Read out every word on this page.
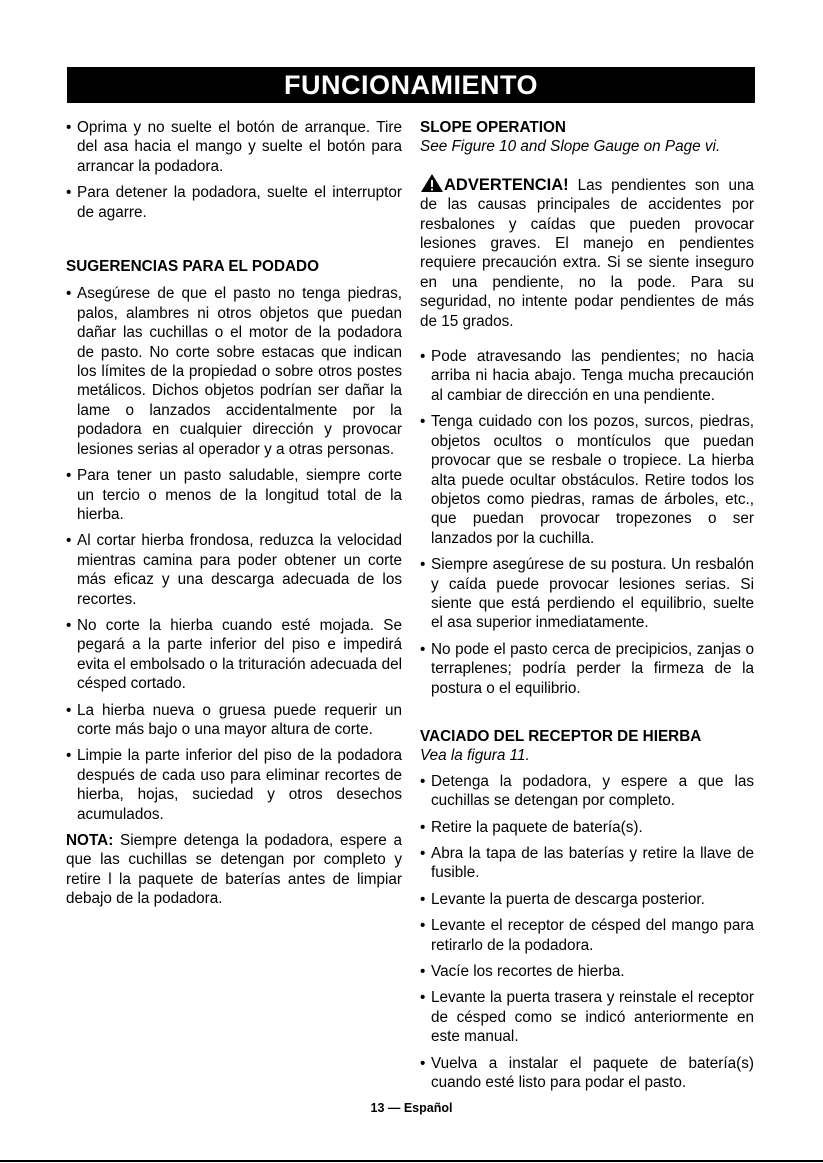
FUNCIONAMIENTO
• Oprima y no suelte el botón de arranque. Tire del asa hacia el mango y suelte el botón para arrancar la podadora.
• Para detener la podadora, suelte el interruptor de agarre.

SUGERENCIAS PARA EL PODADO

• Asegúrese de que el pasto no tenga piedras, palos, alambres ni otros objetos que puedan dañar las cuchillas o el motor de la podadora de pasto. No corte sobre estacas que indican los límites de la propiedad o sobre otros postes metálicos. Dichos objetos podrían ser dañar la lame o lanzados accidentalmente por la podadora en cualquier dirección y provocar lesiones serias al operador y a otras personas.
• Para tener un pasto saludable, siempre corte un tercio o menos de la longitud total de la hierba.
• Al cortar hierba frondosa, reduzca la velocidad mientras camina para poder obtener un corte más eficaz y una descarga adecuada de los recortes.
• No corte la hierba cuando esté mojada. Se pegará a la parte inferior del piso e impedirá evita el embolsado o la trituración adecuada del césped cortado.
• La hierba nueva o gruesa puede requerir un corte más bajo o una mayor altura de corte.
• Limpie la parte inferior del piso de la podadora después de cada uso para eliminar recortes de hierba, hojas, suciedad y otros desechos acumulados.

NOTA: Siempre detenga la podadora, espere a que las cuchillas se detengan por completo y retire l la paquete de baterías antes de limpiar debajo de la podadora.

SLOPE OPERATION

See Figure 10 and Slope Gauge on Page vi.

ADVERTENCIA! Las pendientes son una de las causas principales de accidentes por resbalones y caídas que pueden provocar lesiones graves. El manejo en pendientes requiere precaución extra. Si se siente inseguro en una pendiente, no la pode. Para su seguridad, no intente podar pendientes de más de 15 grados.

• Pode atravesando las pendientes; no hacia arriba ni hacia abajo. Tenga mucha precaución al cambiar de dirección en una pendiente.
• Tenga cuidado con los pozos, surcos, piedras, objetos ocultos o montículos que puedan provocar que se resbale o tropiece. La hierba alta puede ocultar obstáculos. Retire todos los objetos como piedras, ramas de árboles, etc., que puedan provocar tropezones o ser lanzados por la cuchilla.
• Siempre asegúrese de su postura. Un resbalón y caída puede provocar lesiones serias. Si siente que está perdiendo el equilibrio, suelte el asa superior inmediatamente.
• No pode el pasto cerca de precipicios, zanjas o terraplenes; podría perder la firmeza de la postura o el equilibrio.

VACIADO DEL RECEPTOR DE HIERBA

Vea la figura 11.

• Detenga la podadora, y espere a que las cuchillas se detengan por completo.
• Retire la paquete de batería(s).
• Abra la tapa de las baterías y retire la llave de fusible.
• Levante la puerta de descarga posterior.
• Levante el receptor de césped del mango para retirarlo de la podadora.
• Vacíe los recortes de hierba.
• Levante la puerta trasera y reinstale el receptor de césped como se indicó anteriormente en este manual.
• Vuelva a instalar el paquete de batería(s) cuando esté listo para podar el pasto.
13 — Español
